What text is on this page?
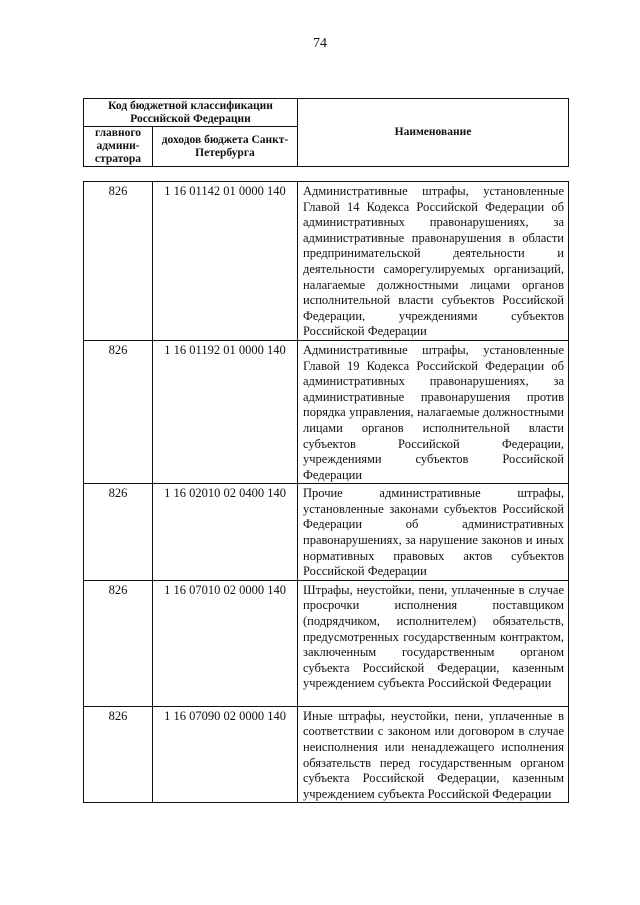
74
Код бюджетной классификации Российской Федерации		Наименование
главного админи-стратора	доходов бюджета Санкт-Петербурга	
826	1 16 01142 01 0000 140	Административные штрафы, установленные Главой 14 Кодекса Российской Федерации об административных правонарушениях, за административные правонарушения в области предпринимательской деятельности и деятельности саморегулируемых организаций, налагаемые должностными лицами органов исполнительной власти субъектов Российской Федерации, учреждениями субъектов Российской Федерации
826	1 16 01192 01 0000 140	Административные штрафы, установленные Главой 19 Кодекса Российской Федерации об административных правонарушениях, за административные правонарушения против порядка управления, налагаемые должностными лицами органов исполнительной власти субъектов Российской Федерации, учреждениями субъектов Российской Федерации
826	1 16 02010 02 0400 140	Прочие административные штрафы, установленные законами субъектов Российской Федерации об административных правонарушениях, за нарушение законов и иных нормативных правовых актов субъектов Российской Федерации
826	1 16 07010 02 0000 140	Штрафы, неустойки, пени, уплаченные в случае просрочки исполнения поставщиком (подрядчиком, исполнителем) обязательств, предусмотренных государственным контрактом, заключенным государственным органом субъекта Российской Федерации, казенным учреждением субъекта Российской Федерации
826	1 16 07090 02 0000 140	Иные штрафы, неустойки, пени, уплаченные в соответствии с законом или договором в случае неисполнения или ненадлежащего исполнения обязательств перед государственным органом субъекта Российской Федерации, казенным учреждением субъекта Российской Федерации
